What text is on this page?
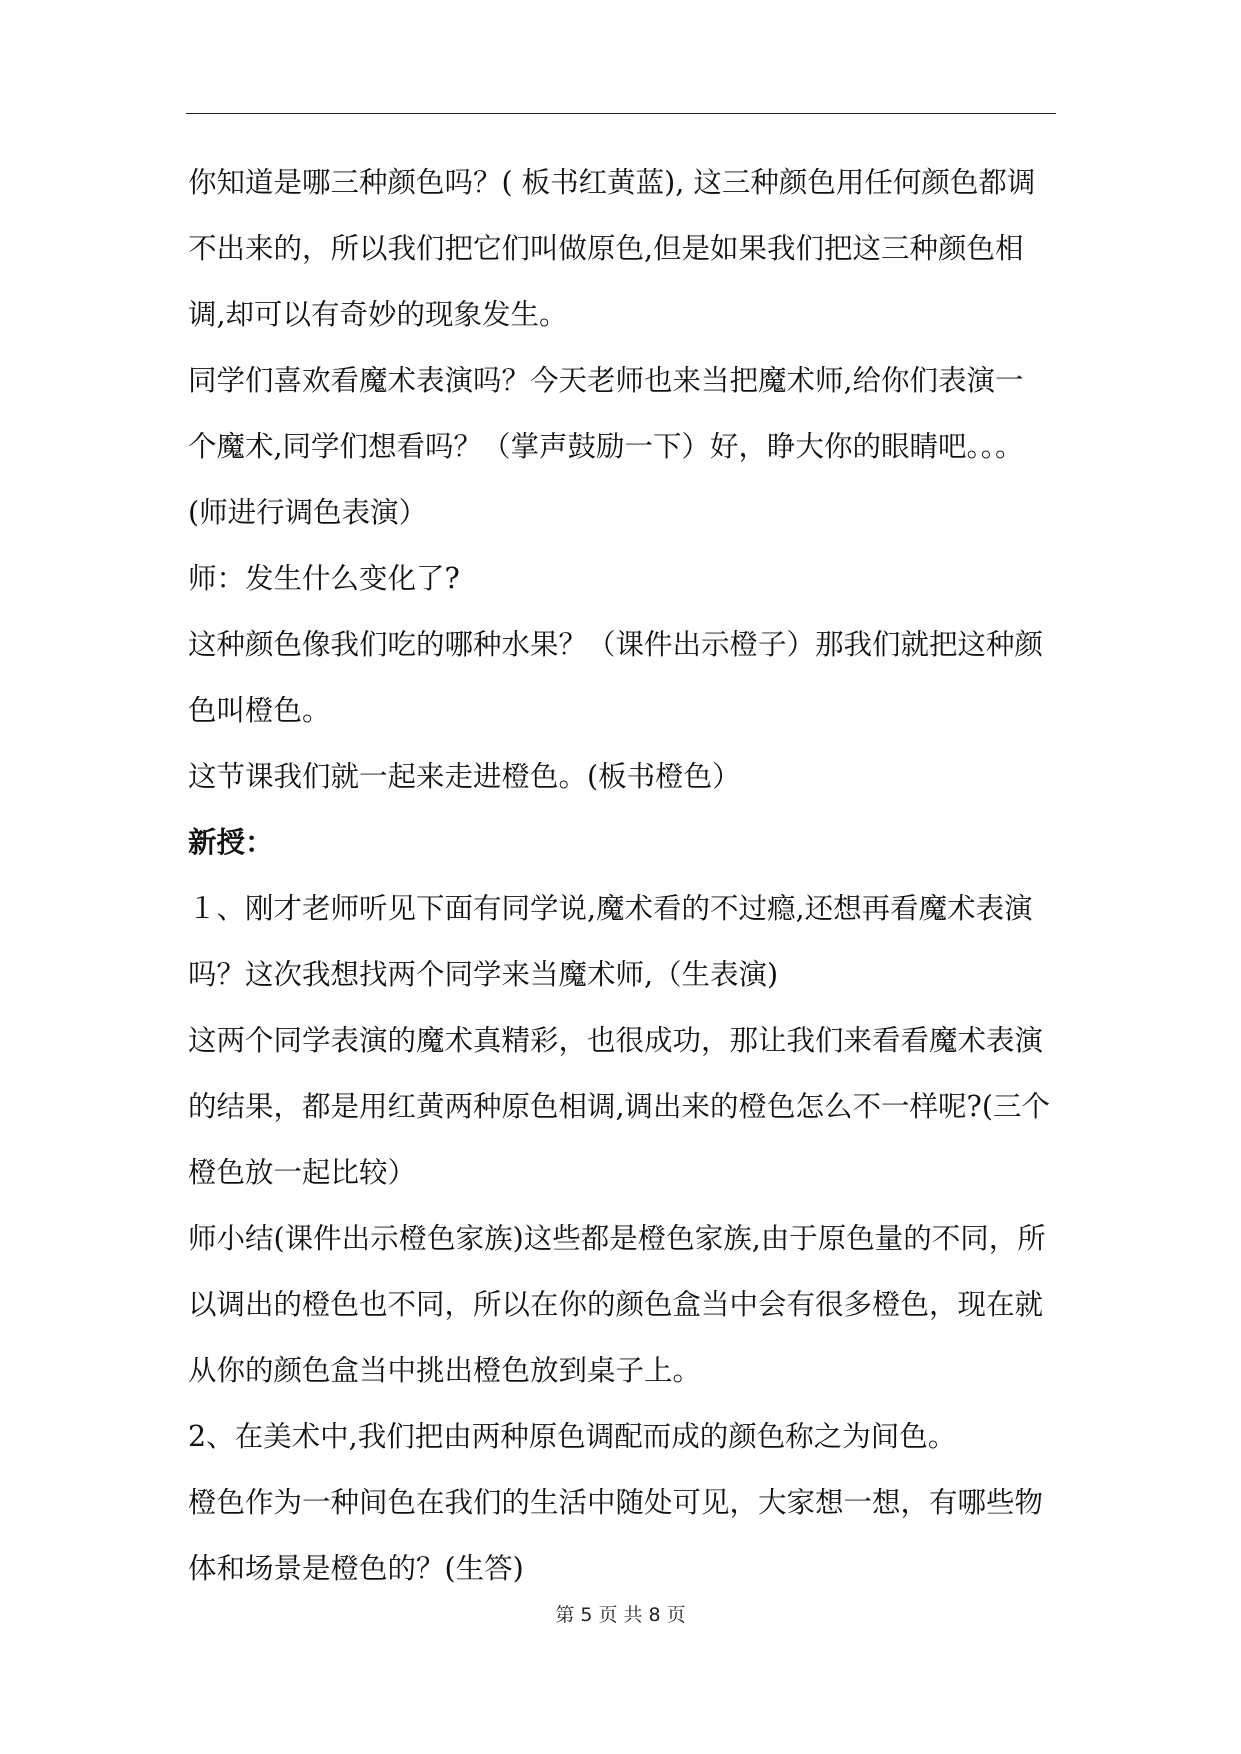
你知道是哪三种颜色吗？( 板书红黄蓝), 这三种颜色用任何颜色都调
不出来的，所以我们把它们叫做原色,但是如果我们把这三种颜色相
调,却可以有奇妙的现象发生。
同学们喜欢看魔术表演吗？今天老师也来当把魔术师,给你们表演一
个魔术,同学们想看吗？（掌声鼓励一下）好，睁大你的眼睛吧。。。
(师进行调色表演）
师：发生什么变化了?
这种颜色像我们吃的哪种水果？（课件出示橙子）那我们就把这种颜
色叫橙色。
这节课我们就一起来走进橙色。(板书橙色）
新授：
１、刚才老师听见下面有同学说,魔术看的不过瘾,还想再看魔术表演
吗？这次我想找两个同学来当魔术师,（生表演)
这两个同学表演的魔术真精彩，也很成功，那让我们来看看魔术表演
的结果，都是用红黄两种原色相调,调出来的橙色怎么不一样呢?(三个
橙色放一起比较）
师小结(课件出示橙色家族)这些都是橙色家族,由于原色量的不同，所
以调出的橙色也不同，所以在你的颜色盒当中会有很多橙色，现在就
从你的颜色盒当中挑出橙色放到桌子上。
2、在美术中,我们把由两种原色调配而成的颜色称之为间色。
橙色作为一种间色在我们的生活中随处可见，大家想一想，有哪些物
体和场景是橙色的？(生答)
第 5 页 共 8 页
